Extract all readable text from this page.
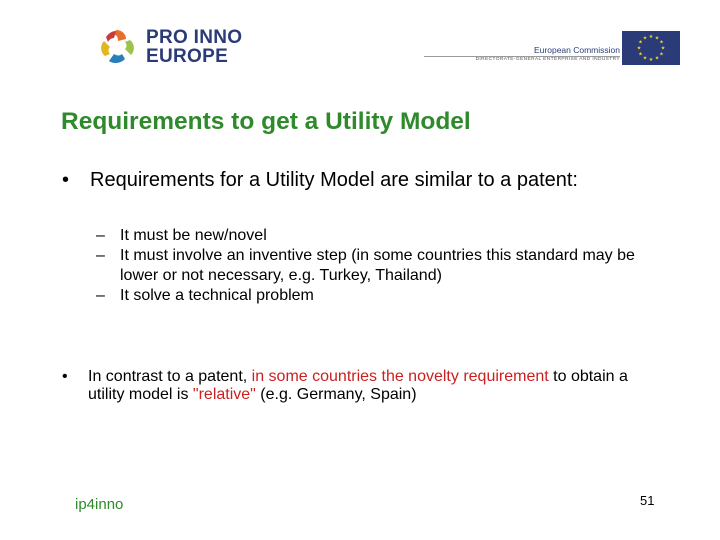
PRO INNO
EUROPE	European Commission
DIRECTORATE-GENERAL ENTERPRISE AND INDUSTRY
★ ★
★
★
★
★
★
★
★
★
★
★
Requirements to get a Utility Model
• Requirements for a Utility Model are similar to a patent:
– It must be new/novel
– It must involve an inventive step (in some countries this standard may be lower or not necessary, e.g. Turkey, Thailand)
– It solve a technical problem
• In contrast to a patent, in some countries the novelty requirement to obtain a utility model is "relative" (e.g. Germany, Spain)
ip4inno	51
